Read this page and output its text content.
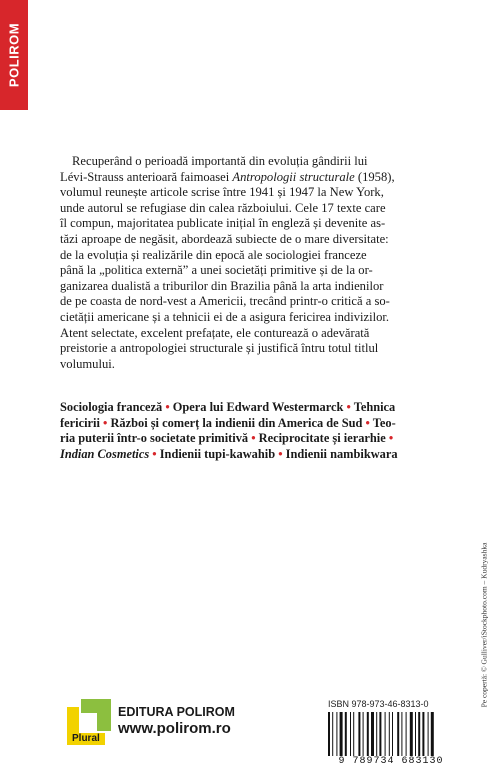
POLIROM
Recuperând o perioadă importantă din evoluția gândirii lui
Lévi-Strauss anterioară faimoasei Antropologii structurale (1958),
volumul reunește articole scrise între 1941 și 1947 la New York,
unde autorul se refugiase din calea războiului. Cele 17 texte care
îl compun, majoritatea publicate inițial în engleză și devenite as-
tăzi aproape de negăsit, abordează subiecte de o mare diversitate:
de la evoluția și realizările din epocă ale sociologiei franceze
până la „politica externă” a unei societăți primitive și de la or-
ganizarea dualistă a triburilor din Brazilia până la arta indienilor
de pe coasta de nord-vest a Americii, trecând printr-o critică a so-
cietății americane și a tehnicii ei de a asigura fericirea indivizilor.
Atent selectate, excelent prefațate, ele conturează o adevărată
preistorie a antropologiei structurale și justifică întru totul titlul
volumului.
Sociologia franceză • Opera lui Edward Westermarck • Tehnica
fericirii • Război și comerț la indienii din America de Sud • Teo-
ria puterii într-o societate primitivă • Reciprocitate și ierarhie •
Indian Cosmetics • Indienii tupi-kawahib • Indienii nambikwara
Pe copertă: © Gulliver/iStockphoto.com – Kudryashka
ISBN 978-973-46-8313-0
9 789734 683130
Plural
EDITURA POLIROM
www.polirom.ro
